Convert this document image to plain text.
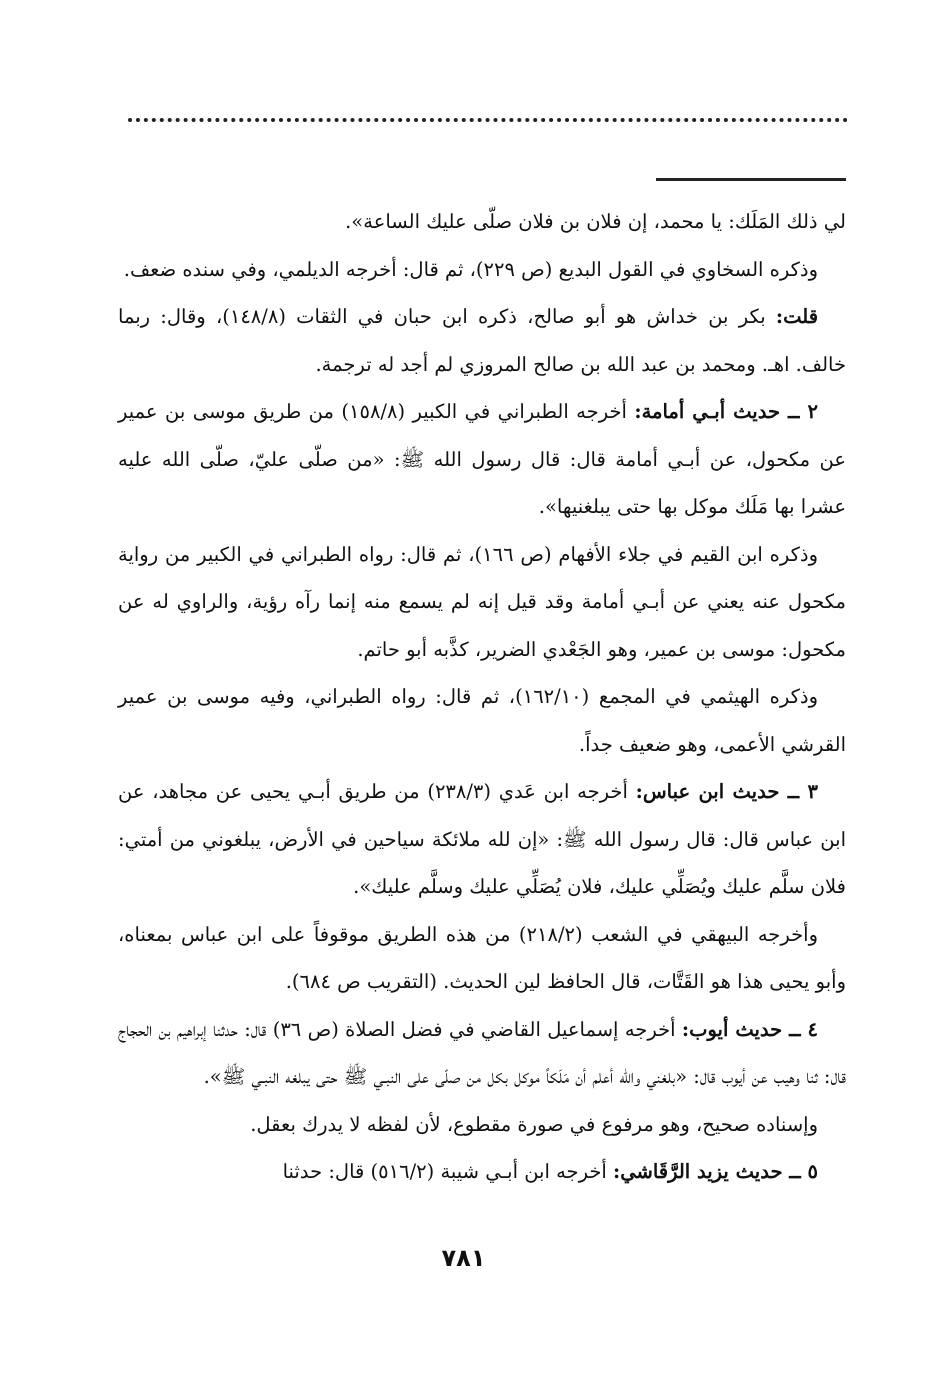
لي ذلك المَلَك: يا محمد، إن فلان بن فلان صلّى عليك الساعة».

وذكره السخاوي في القول البديع (ص ٢٢٩)، ثم قال: أخرجه الديلمي، وفي سنده ضعف.

قلت: بكر بن خداش هو أبو صالح، ذكره ابن حبان في الثقات (١٤٨/٨)، وقال: ربما خالف. اهـ. ومحمد بن عبد الله بن صالح المروزي لم أجد له ترجمة.

٢ ــ حديث أبـي أمامة: أخرجه الطبراني في الكبير (١٥٨/٨) من طريق موسى بن عمير عن مكحول، عن أبـي أمامة قال: قال رسول الله ﷺ: «من صلّى عليّ، صلّى الله عليه عشرا بها مَلَك موكل بها حتى يبلغنيها».

وذكره ابن القيم في جلاء الأفهام (ص ١٦٦)، ثم قال: رواه الطبراني في الكبير من رواية مكحول عنه يعني عن أبـي أمامة وقد قيل إنه لم يسمع منه إنما رآه رؤية، والراوي له عن مكحول: موسى بن عمير، وهو الجَعْدي الضرير، كذَّبه أبو حاتم.

وذكره الهيثمي في المجمع (١٦٢/١٠)، ثم قال: رواه الطبراني، وفيه موسى بن عمير القرشي الأعمى، وهو ضعيف جداً.

٣ ــ حديث ابن عباس: أخرجه ابن عَدي (٢٣٨/٣) من طريق أبـي يحيى عن مجاهد، عن ابن عباس قال: قال رسول الله ﷺ: «إن لله ملائكة سياحين في الأرض، يبلغوني من أمتي: فلان سلَّم عليك ويُصَلِّي عليك، فلان يُصَلِّي عليك وسلَّم عليك».

وأخرجه البيهقي في الشعب (٢١٨/٢) من هذه الطريق موقوفاً على ابن عباس بمعناه، وأبو يحيى هذا هو القَتَّات، قال الحافظ لين الحديث. (التقريب ص ٦٨٤).

٤ ــ حديث أيوب: أخرجه إسماعيل القاضي في فضل الصلاة (ص ٣٦) قال: حدثنا إبراهيم بن الحجاج قال: ثنا وهيب عن أيوب قال: «بلغني والله أعلم أن مَلَكاً موكل بكل من صلّى على النبـي ﷺ حتى يبلغه النبـي ﷺ».

وإسناده صحيح، وهو مرفوع في صورة مقطوع، لأن لفظه لا يدرك بعقل.

٥ ــ حديث يزيد الرَّقَاشي: أخرجه ابن أبـي شيبة (٥١٦/٢) قال: حدثنا

٧٨١
